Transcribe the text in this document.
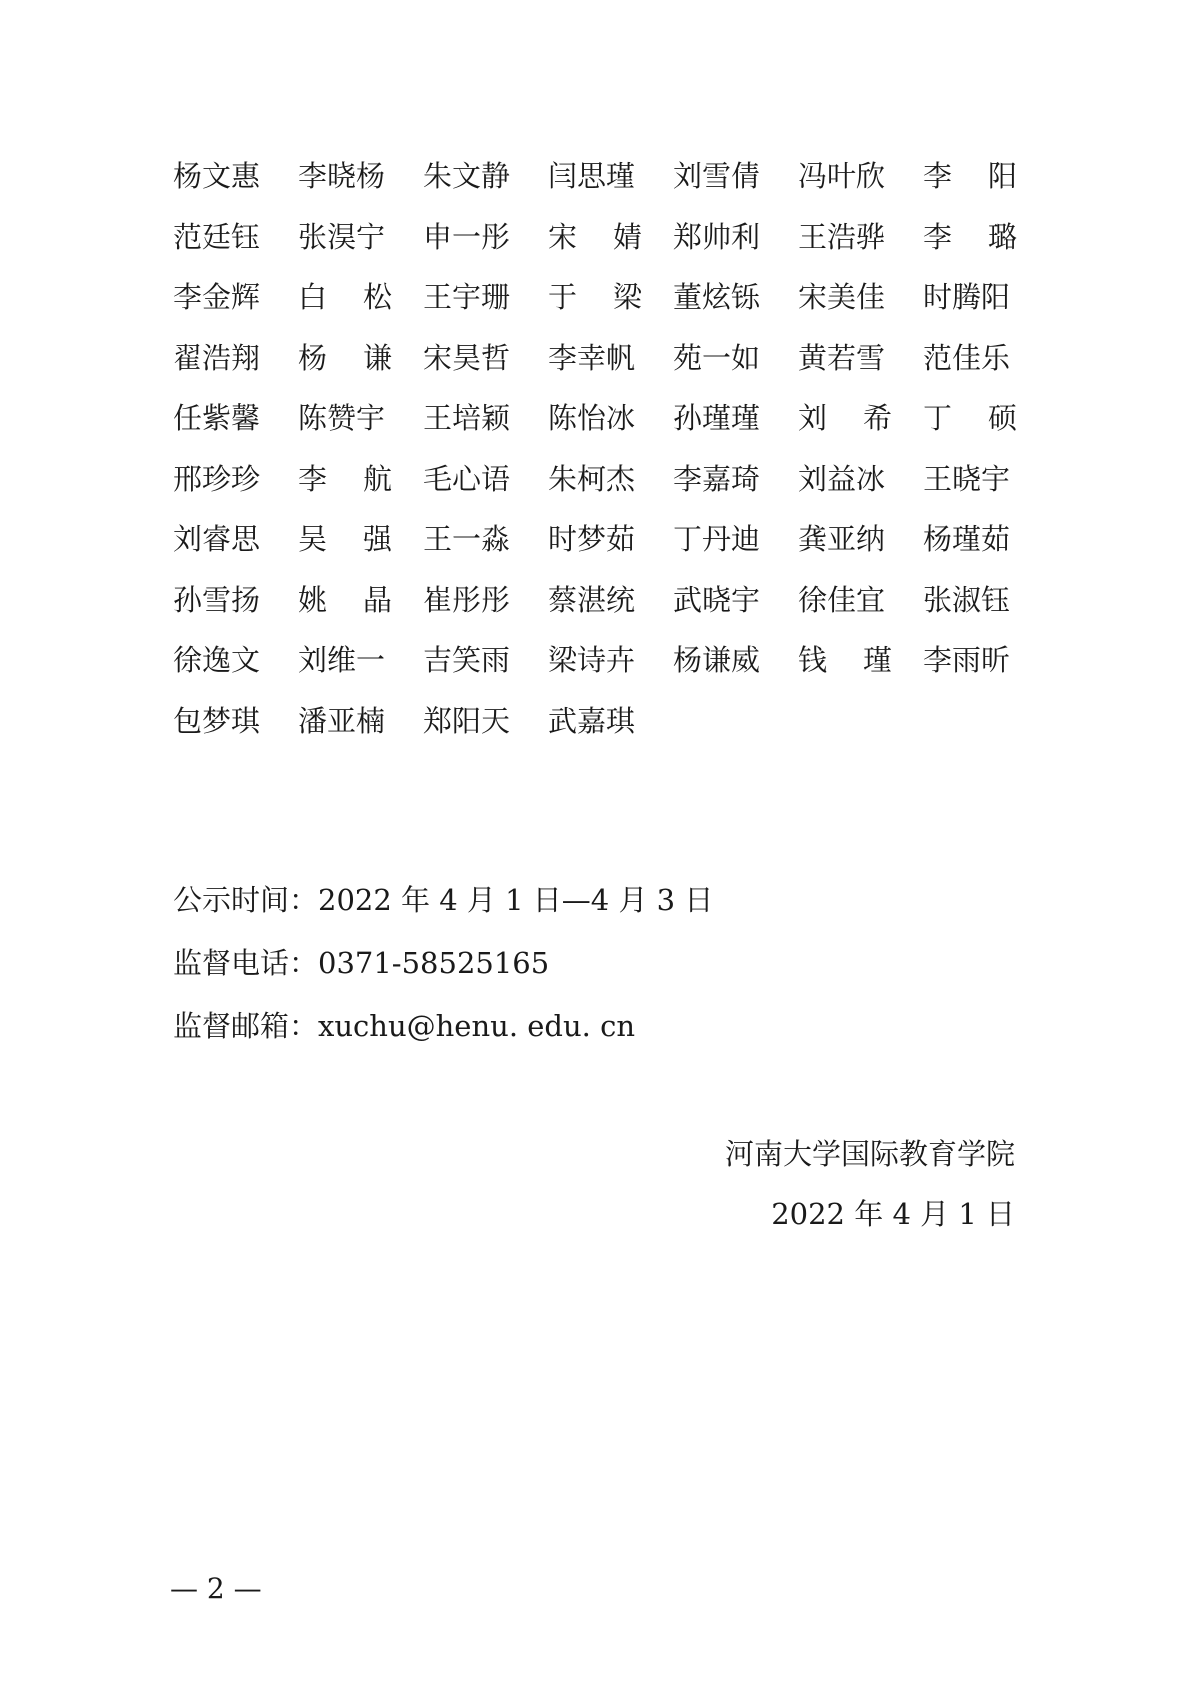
杨文惠 李晓杨 朱文静 闫思瑾 刘雪倩 冯叶欣 李阳
范廷钰 张淏宁 申一彤 宋婧 郑帅利 王浩骅 李璐
李金辉 白松 王宇珊 于梁 董炫铄 宋美佳 时腾阳
翟浩翔 杨谦 宋昊哲 李幸帆 苑一如 黄若雪 范佳乐
任紫馨 陈赞宇 王培颖 陈怡冰 孙瑾瑾 刘希 丁硕
邢珍珍 李航 毛心语 朱柯杰 李嘉琦 刘益冰 王晓宇
刘睿思 吴强 王一淼 时梦茹 丁丹迪 龚亚纳 杨瑾茹
孙雪扬 姚晶 崔彤彤 蔡湛统 武晓宇 徐佳宜 张淑钰
徐逸文 刘维一 吉笑雨 梁诗卉 杨谦威 钱瑾 李雨昕
包梦琪 潘亚楠 郑阳天 武嘉琪
公示时间：2022 年 4 月 1 日—4 月 3 日
监督电话：0371-58525165
监督邮箱：xuchu@henu. edu. cn
河南大学国际教育学院
2022 年 4 月 1 日
— 2 —
